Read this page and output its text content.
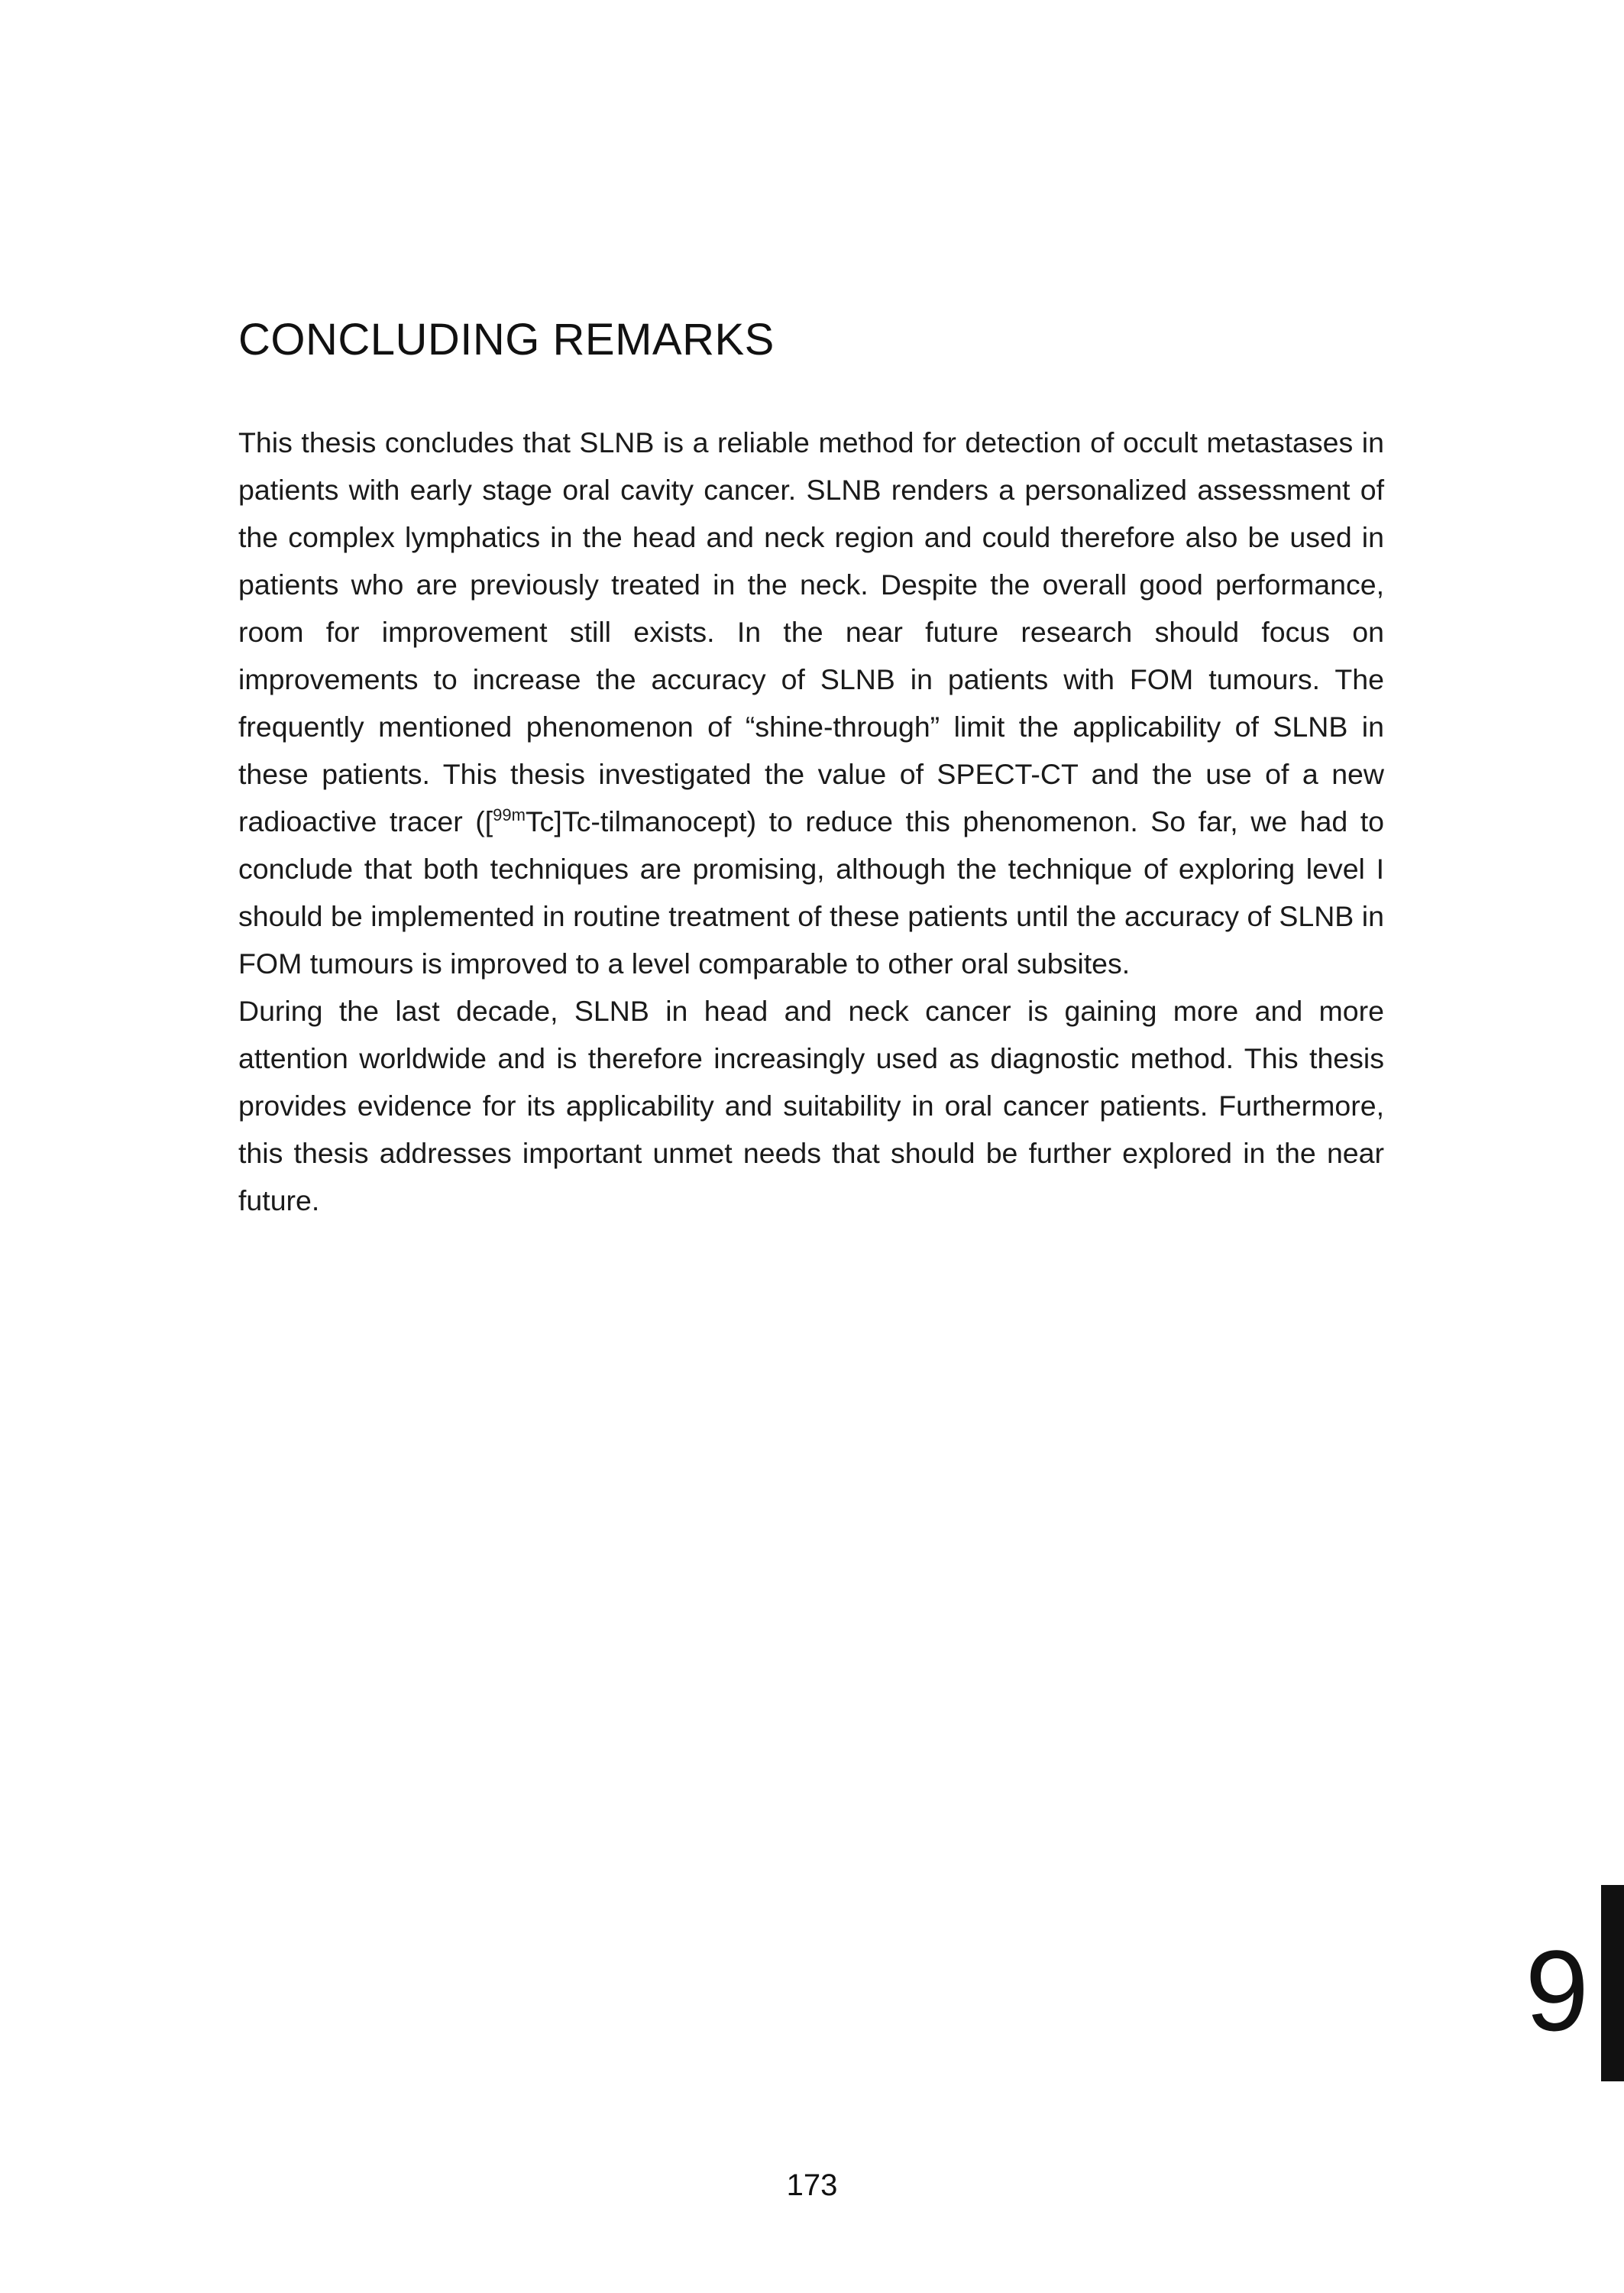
CONCLUDING REMARKS

This thesis concludes that SLNB is a reliable method for detection of occult metastases in patients with early stage oral cavity cancer. SLNB renders a personalized assessment of the complex lymphatics in the head and neck region and could therefore also be used in patients who are previously treated in the neck. Despite the overall good performance, room for improvement still exists. In the near future research should focus on improvements to increase the accuracy of SLNB in patients with FOM tumours. The frequently mentioned phenomenon of “shine-through” limit the applicability of SLNB in these patients. This thesis investigated the value of SPECT-CT and the use of a new radioactive tracer ([$^{99m}$Tc]Tc-tilmanocept) to reduce this phenomenon. So far, we had to conclude that both techniques are promising, although the technique of exploring level I should be implemented in routine treatment of these patients until the accuracy of SLNB in FOM tumours is improved to a level comparable to other oral subsites.

During the last decade, SLNB in head and neck cancer is gaining more and more attention worldwide and is therefore increasingly used as diagnostic method. This thesis provides evidence for its applicability and suitability in oral cancer patients. Furthermore, this thesis addresses important unmet needs that should be further explored in the near future.

9
173
